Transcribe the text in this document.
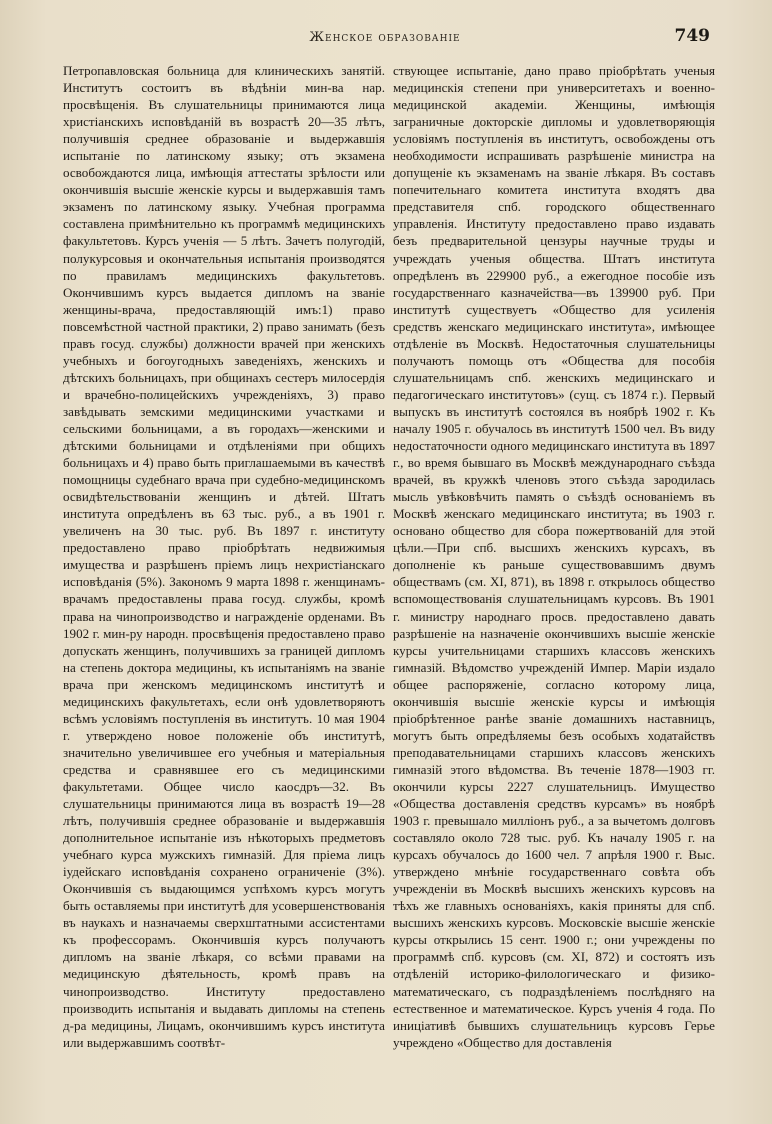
Женское образованіе	749

Петропавловская больница для клиническихъ занятій. Институтъ состоитъ въ вѣдѣніи мин-ва нар. просвѣщенія. Въ слушательницы принимаются лица христіанскихъ исповѣданій въ возрастѣ 20—35 лѣтъ, получившія среднее образованіе и выдержавшія испытаніе по латинскому языку; отъ экзамена освобождаются лица, имѣющія аттестаты зрѣлости или окончившія высшіе женскіе курсы и выдержавшія тамъ экзаменъ по латинскому языку. Учебная программа составлена примѣнительно къ программѣ медицинскихъ факультетовъ. Курсъ ученія — 5 лѣтъ. Зачетъ полугодій, полукурсовыя и окончательныя испытанія производятся по правиламъ медицинскихъ факультетовъ. Окончившимъ курсъ выдается дипломъ на званіе женщины-врача, предоставляющій имъ:1) право повсемѣстной частной практики, 2) право занимать (безъ правъ госуд. службы) должности врачей при женскихъ учебныхъ и богоугодныхъ заведеніяхъ, женскихъ и дѣтскихъ больницахъ, при общинахъ сестеръ милосердія и врачебно-полицейскихъ учрежденіяхъ, 3) право завѣдывать земскими медицинскими участками и сельскими больницами, а въ городахъ—женскими и дѣтскими больницами и отдѣленіями при общихъ больницахъ и 4) право быть приглашаемыми въ качествѣ помощницы судебнаго врача при судебно-медицинскомъ освидѣтельствованіи женщинъ и дѣтей. Штатъ института опредѣленъ въ 63 тыс. руб., а въ 1901 г. увеличенъ на 30 тыс. руб. Въ 1897 г. институту предоставлено право пріобрѣтать недвижимыя имущества и разрѣшенъ пріемъ лицъ нехристіанскаго исповѣданія (5%). Закономъ 9 марта 1898 г. женщинамъ-врачамъ предоставлены права госуд. службы, кромѣ права на чинопроизводство и награжденіе орденами. Въ 1902 г. мин-ру народн. просвѣщенія предоставлено право допускать женщинъ, получившихъ за границей дипломъ на степень доктора медицины, къ испытаніямъ на званіе врача при женскомъ медицинскомъ институтѣ и медицинскихъ факультетахъ, если онѣ удовлетворяютъ всѣмъ условіямъ поступленія въ институтъ. 10 мая 1904 г. утверждено новое положеніе объ институтѣ, значительно увеличившее его учебныя и матеріальныя средства и сравнявшее его съ медицинскими факультетами. Общее число каосдръ—32. Въ слушательницы принимаются лица въ возрастѣ 19—28 лѣтъ, получившія среднее образованіе и выдержавшія дополнительное испытаніе изъ нѣкоторыхъ предметовъ учебнаго курса мужскихъ гимназій. Для пріема лицъ іудейскаго исповѣданія сохранено ограниченіе (3%). Окончившія съ выдающимся успѣхомъ курсъ могутъ быть оставляемы при институтѣ для усовершенствованія въ наукахъ и назначаемы сверхштатными ассистентами къ профессорамъ. Окончившія курсъ получаютъ дипломъ на званіе лѣкаря, со всѣми правами на медицинскую дѣятельность, кромѣ правъ на чинопроизводство. Институту предоставлено производить испытанія и выдавать дипломы на степень д-ра медицины, Лицамъ, окончившимъ курсъ института или выдержавшимъ соотвѣт-

ствующее испытаніе, дано право пріобрѣтать ученыя медицинскія степени при университетахъ и военно-медицинской академіи. Женщины, имѣющія заграничные докторскіе дипломы и удовлетворяющія условіямъ поступленія въ институтъ, освобождены отъ необходимости испрашивать разрѣшеніе министра на допущеніе къ экзаменамъ на званіе лѣкаря. Въ составъ попечительнаго комитета института входятъ два представителя спб. городского общественнаго управленія. Институту предоставлено право издавать безъ предварительной цензуры научные труды и учреждать ученыя общества. Штатъ института опредѣленъ въ 229900 руб., а ежегодное пособіе изъ государственнаго казначейства—въ 139900 руб. При институтѣ существуетъ «Общество для усиленія средствъ женскаго медицинскаго института», имѣющее отдѣленіе въ Москвѣ. Недостаточныя слушательницы получаютъ помощь отъ «Общества для пособія слушательницамъ спб. женскихъ медицинскаго и педагогическаго институтовъ» (сущ. съ 1874 г.). Первый выпускъ въ институтѣ состоялся въ ноябрѣ 1902 г. Къ началу 1905 г. обучалось въ институтѣ 1500 чел. Въ виду недостаточности одного медицинскаго института въ 1897 г., во время бывшаго въ Москвѣ международнаго съѣзда врачей, въ кружкѣ членовъ этого съѣзда зародилась мысль увѣковѣчить память о съѣздѣ основаніемъ въ Москвѣ женскаго медицинскаго института; въ 1903 г. основано общество для сбора пожертвованій для этой цѣли.—При спб. высшихъ женскихъ курсахъ, въ дополненіе къ раньше существовавшимъ двумъ обществамъ (см. XI, 871), въ 1898 г. открылось общество вспомоществованія слушательницамъ курсовъ. Въ 1901 г. министру народнаго просв. предоставлено давать разрѣшеніе на назначеніе окончившихъ высшіе женскіе курсы учительницами старшихъ классовъ женскихъ гимназій. Вѣдомство учрежденій Импер. Маріи издало общее распоряженіе, согласно которому лица, окончившія высшіе женскіе курсы и имѣющія пріобрѣтенное ранѣе званіе домашнихъ наставницъ, могутъ быть опредѣляемы безъ особыхъ ходатайствъ преподавательницами старшихъ классовъ женскихъ гимназій этого вѣдомства. Въ теченіе 1878—1903 гг. окончили курсы 2227 слушательницъ. Имущество «Общества доставленія средствъ курсамъ» въ ноябрѣ 1903 г. превышало милліонъ руб., а за вычетомъ долговъ составляло около 728 тыс. руб. Къ началу 1905 г. на курсахъ обучалось до 1600 чел. 7 апрѣля 1900 г. Выс. утверждено мнѣніе государственнаго совѣта объ учрежденіи въ Москвѣ высшихъ женскихъ курсовъ на тѣхъ же главныхъ основаніяхъ, какія приняты для спб. высшихъ женскихъ курсовъ. Московскіе высшіе женскіе курсы открылись 15 сент. 1900 г.; они учреждены по программѣ спб. курсовъ (см. XI, 872) и состоятъ изъ отдѣленій историко-филологическаго и физико-математическаго, съ подраздѣленіемъ послѣдняго на естественное и математическое. Курсъ ученія 4 года. По иниціативѣ бывшихъ слушательницъ курсовъ Герье учреждено «Общество для доставленія
